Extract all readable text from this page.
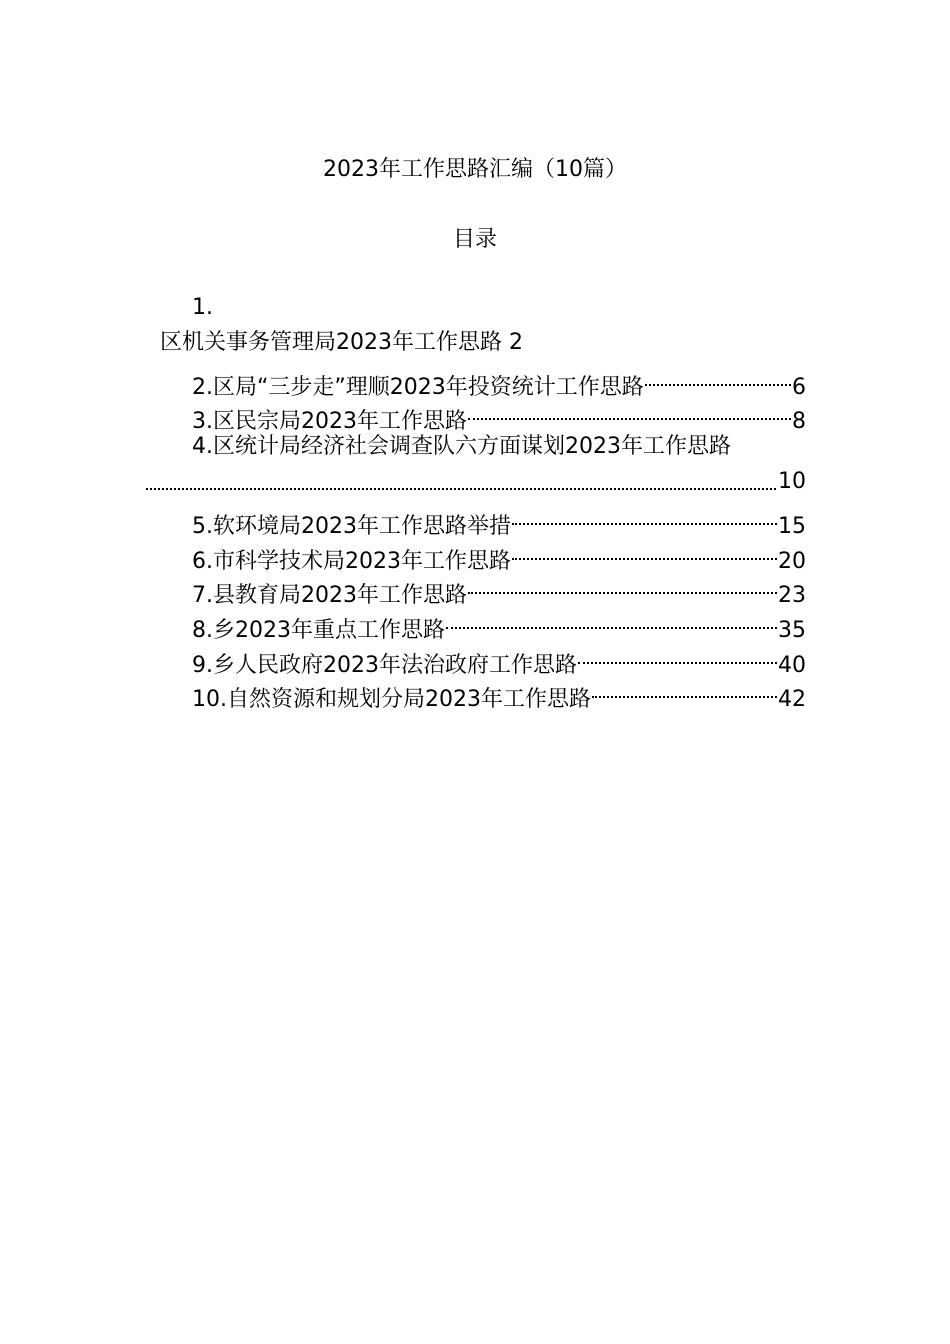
2023年工作思路汇编（10篇）
目录
1.
区机关事务管理局2023年工作思路 2
2.区局“三步走”理顺2023年投资统计工作思路	6
3.区民宗局2023年工作思路	8
4.区统计局经济社会调查队六方面谋划2023年工作思路
10
5.软环境局2023年工作思路举措	15
6.市科学技术局2023年工作思路	20
7.县教育局2023年工作思路	23
8.乡2023年重点工作思路	35
9.乡人民政府2023年法治政府工作思路	40
10.自然资源和规划分局2023年工作思路	42
